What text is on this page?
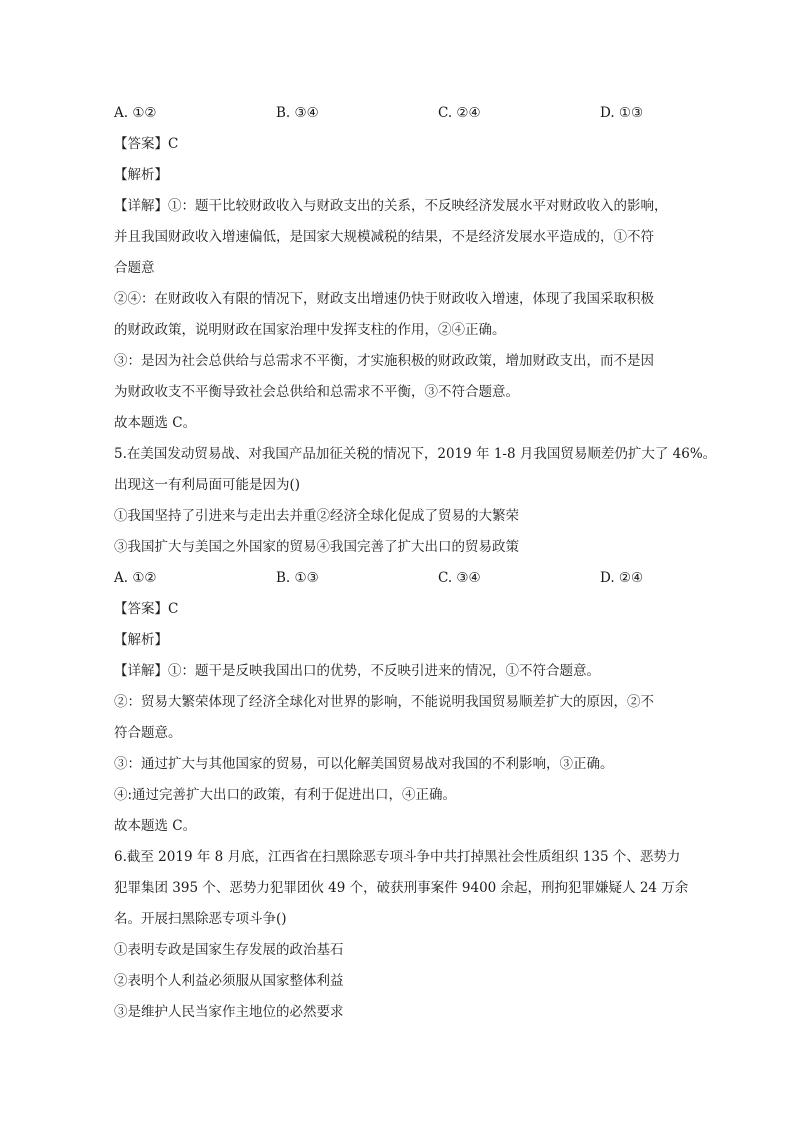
A. ①②	B. ③④	C. ②④	D. ①③
【答案】C
【解析】
【详解】①：题干比较财政收入与财政支出的关系，不反映经济发展水平对财政收入的影响，
并且我国财政收入增速偏低，是国家大规模减税的结果，不是经济发展水平造成的，①不符
合题意
②④：在财政收入有限的情况下，财政支出增速仍快于财政收入增速，体现了我国采取积极
的财政政策，说明财政在国家治理中发挥支柱的作用，②④正确。
③：是因为社会总供给与总需求不平衡，才实施积极的财政政策，增加财政支出，而不是因
为财政收支不平衡导致社会总供给和总需求不平衡，③不符合题意。
故本题选 C。
5.在美国发动贸易战、对我国产品加征关税的情况下，2019 年 1-8 月我国贸易顺差仍扩大了 46%。
出现这一有利局面可能是因为()
①我国坚持了引进来与走出去并重②经济全球化促成了贸易的大繁荣
③我国扩大与美国之外国家的贸易④我国完善了扩大出口的贸易政策
A. ①②	B. ①③	C. ③④	D. ②④
【答案】C
【解析】
【详解】①：题干是反映我国出口的优势，不反映引进来的情况，①不符合题意。
②：贸易大繁荣体现了经济全球化对世界的影响，不能说明我国贸易顺差扩大的原因，②不
符合题意。
③：通过扩大与其他国家的贸易，可以化解美国贸易战对我国的不利影响，③正确。
④:通过完善扩大出口的政策，有利于促进出口，④正确。
故本题选 C。
6.截至 2019 年 8 月底，江西省在扫黑除恶专项斗争中共打掉黑社会性质组织 135 个、恶势力
犯罪集团 395 个、恶势力犯罪团伙 49 个，破获刑事案件 9400 余起，刑拘犯罪嫌疑人 24 万余
名。开展扫黑除恶专项斗争()
①表明专政是国家生存发展的政治基石
②表明个人利益必须服从国家整体利益
③是维护人民当家作主地位的必然要求
